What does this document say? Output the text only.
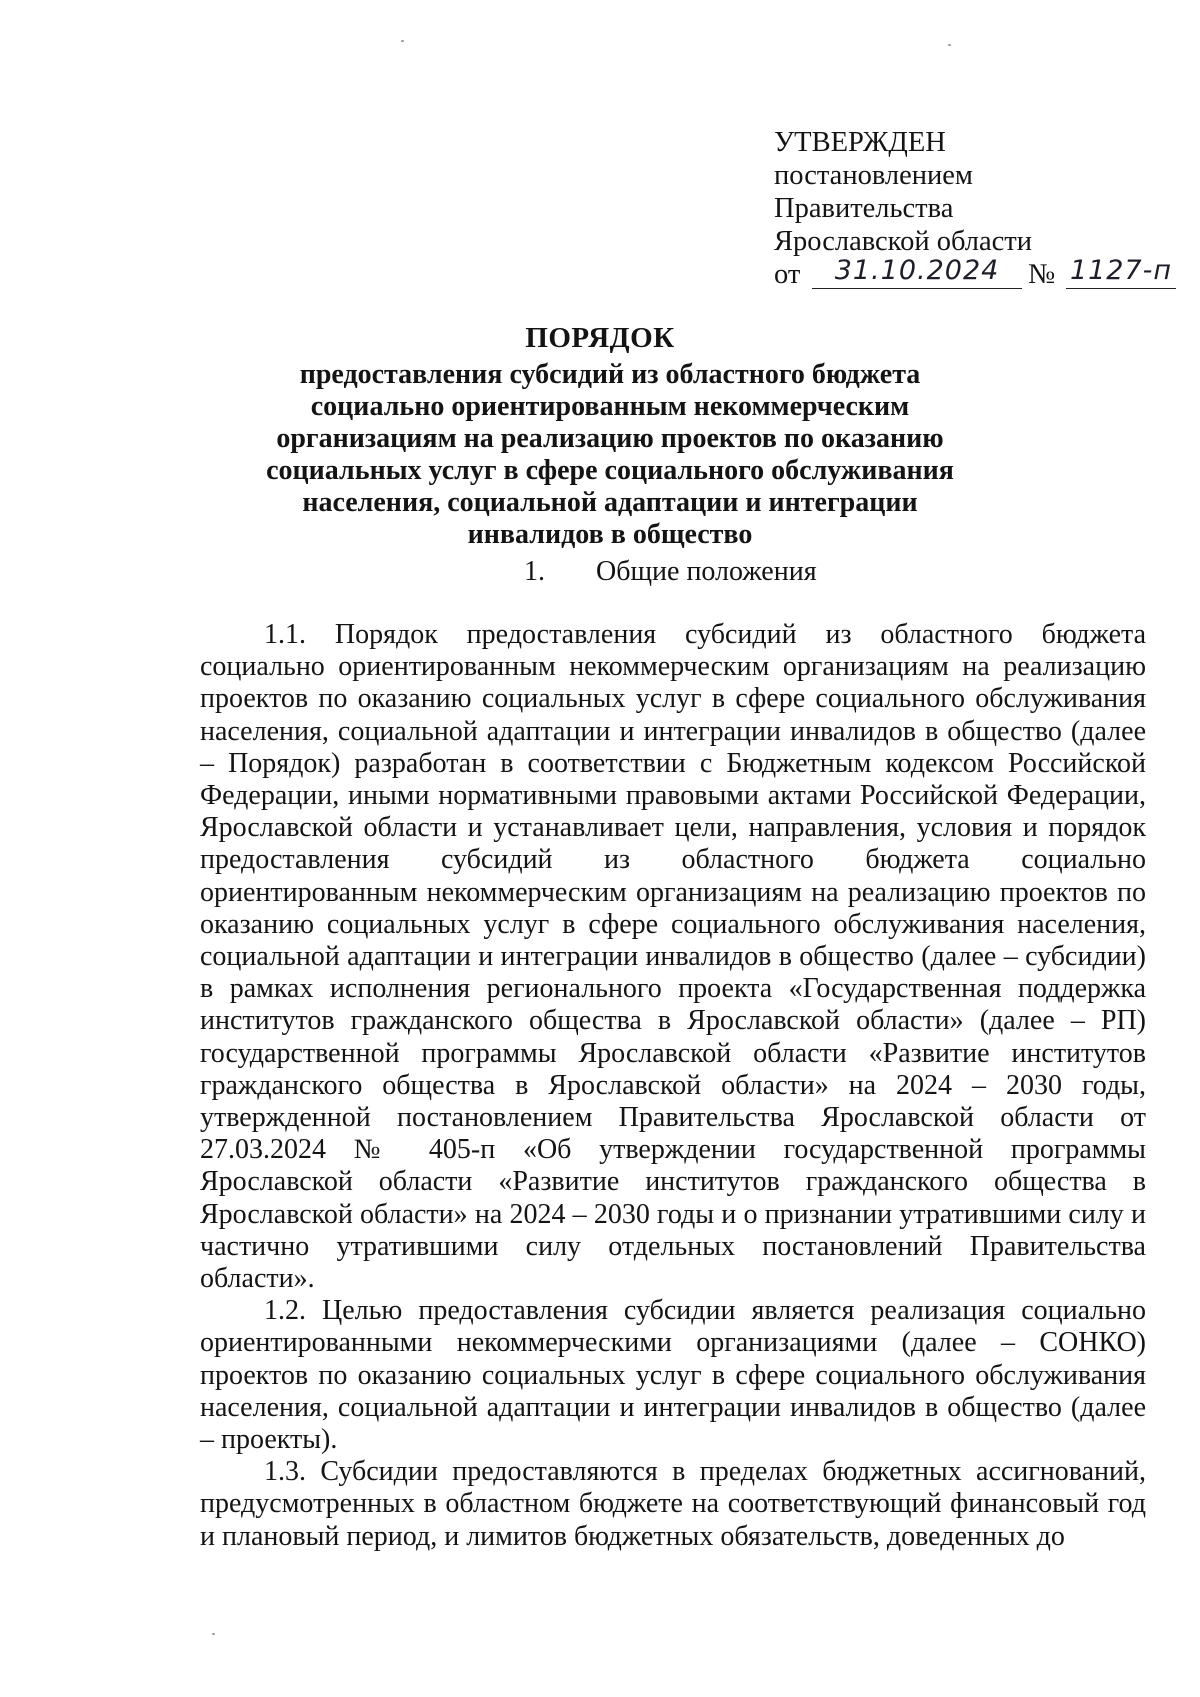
УТВЕРЖДЕН
постановлением
Правительства
Ярославской области
от	31.10.2024	№ 1127-п
ПОРЯДОК
предоставления субсидий из областного бюджета социально ориентированным некоммерческим организациям на реализацию проектов по оказанию социальных услуг в сфере социального обслуживания населения, социальной адаптации и интеграции инвалидов в общество
1. Общие положения

1.1. Порядок предоставления субсидий из областного бюджета социально ориентированным некоммерческим организациям на реализацию проектов по оказанию социальных услуг в сфере социального обслуживания населения, социальной адаптации и интеграции инвалидов в общество (далее – Порядок) разработан в соответствии с Бюджетным кодексом Российской Федерации, иными нормативными правовыми актами Российской Федерации, Ярославской области и устанавливает цели, направления, условия и порядок предоставления субсидий из областного бюджета социально ориентированным некоммерческим организациям на реализацию проектов по оказанию социальных услуг в сфере социального обслуживания населения, социальной адаптации и интеграции инвалидов в общество (далее – субсидии) в рамках исполнения регионального проекта «Государственная поддержка институтов гражданского общества в Ярославской области» (далее – РП) государственной программы Ярославской области «Развитие институтов гражданского общества в Ярославской области» на 2024 – 2030 годы, утвержденной постановлением Правительства Ярославской области от 27.03.2024 № 405-п «Об утверждении государственной программы Ярославской области «Развитие институтов гражданского общества в Ярославской области» на 2024 – 2030 годы и о признании утратившими силу и частично утратившими силу отдельных постановлений Правительства области».

1.2. Целью предоставления субсидии является реализация социально ориентированными некоммерческими организациями (далее – СОНКО) проектов по оказанию социальных услуг в сфере социального обслуживания населения, социальной адаптации и интеграции инвалидов в общество (далее – проекты).

1.3. Субсидии предоставляются в пределах бюджетных ассигнований, предусмотренных в областном бюджете на соответствующий финансовый год и плановый период, и лимитов бюджетных обязательств, доведенных до
